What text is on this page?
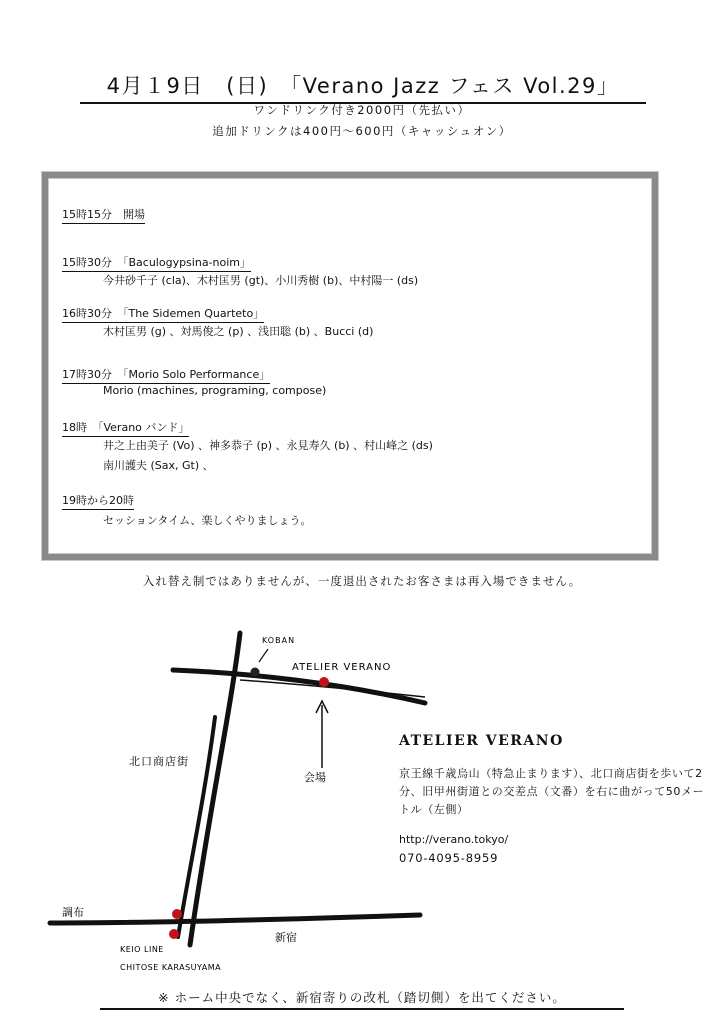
4月１9日　(日)　「Verano Jazz フェス Vol.29」
ワンドリンク付き2000円（先払い）
追加ドリンクは400円～600円（キャッシュオン）
15時15分　開場
15時30分　「Baculogypsina-noim」
今井砂千子 (cla)、木村匡男 (gt)、小川秀樹 (b)、中村陽一 (ds)
16時30分　「The Sidemen Quarteto」
木村匡男 (g) 、対馬俊之 (p) 、浅田聡 (b) 、Bucci (d)
17時30分　「Morio Solo Performance」
Morio (machines, programing, compose)
18時　「Verano バンド」
井之上由美子 (Vo) 、神多恭子 (p) 、永見寿久 (b) 、村山峰之 (ds)
南川護夫 (Sax, Gt) 、
19時から20時
セッションタイム、楽しくやりましょう。
入れ替え制ではありませんが、一度退出されたお客さまは再入場できません。
KOBAN
ATELIER VERANO
北口商店街
会場
調布
新宿
KEIO LINE
CHITOSE KARASUYAMA
ATELIER VERANO
京王線千歳烏山（特急止まります）、北口商店街を歩いて2分、旧甲州街道との交差点（文番）を右に曲がって50メートル（左側）
http://verano.tokyo/
070-4095-8959
※ ホーム中央でなく、新宿寄りの改札（踏切側）を出てください。
